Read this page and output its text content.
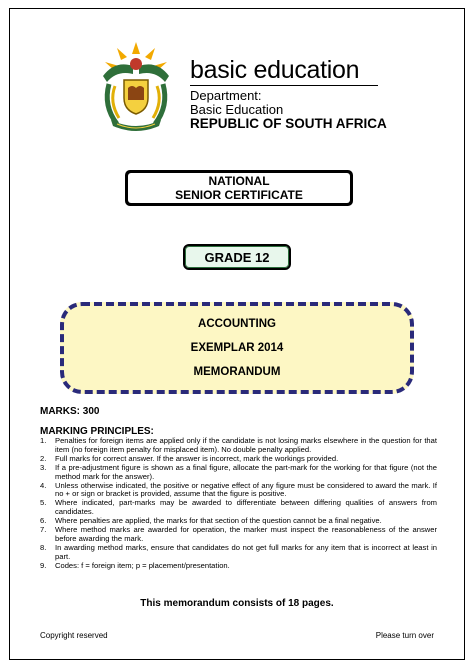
basic education
Department:
Basic Education
REPUBLIC OF SOUTH AFRICA
NATIONAL
SENIOR CERTIFICATE
GRADE 12
ACCOUNTING
EXEMPLAR 2014
MEMORANDUM
MARKS: 300
MARKING PRINCIPLES:
1.	Penalties for foreign items are applied only if the candidate is not losing marks elsewhere in the question for that item (no foreign item penalty for misplaced item). No double penalty applied.
2.	Full marks for correct answer. If the answer is incorrect, mark the workings provided.
3.	If a pre-adjustment figure is shown as a final figure, allocate the part-mark for the working for that figure (not the method mark for the answer).
4.	Unless otherwise indicated, the positive or negative effect of any figure must be considered to award the mark. If no + or sign or bracket is provided, assume that the figure is positive.
5.	Where indicated, part-marks may be awarded to differentiate between differing qualities of answers from candidates.
6.	Where penalties are applied, the marks for that section of the question cannot be a final negative.
7.	Where method marks are awarded for operation, the marker must inspect the reasonableness of the answer before awarding the mark.
8.	In awarding method marks, ensure that candidates do not get full marks for any item that is incorrect at least in part.
9.	Codes: f = foreign item; p = placement/presentation.
This memorandum consists of 18 pages.
Copyright reserved	Please turn over
